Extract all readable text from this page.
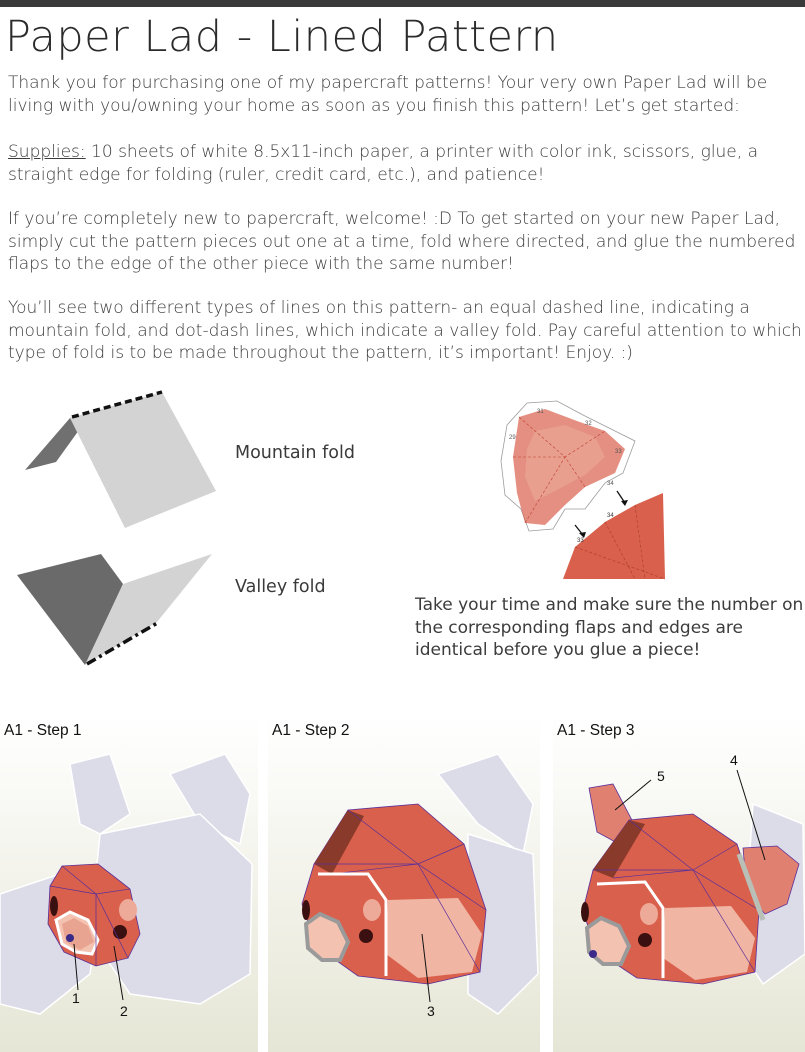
Paper Lad - Lined Pattern

Thank you for purchasing one of my papercraft patterns! Your very own Paper Lad will be living with you/owning your home as soon as you finish this pattern! Let’s get started:

Supplies: 10 sheets of white 8.5x11-inch paper, a printer with color ink, scissors, glue, a straight edge for folding (ruler, credit card, etc.), and patience!

If you’re completely new to papercraft, welcome! :D To get started on your new Paper Lad, simply cut the pattern pieces out one at a time, fold where directed, and glue the numbered flaps to the edge of the other piece with the same number!

You’ll see two different types of lines on this pattern- an equal dashed line, indicating a mountain fold, and dot-dash lines, which indicate a valley fold. Pay careful attention to which type of fold is to be made throughout the pattern, it’s important! Enjoy. :)

Mountain fold
Valley fold
31
32
33
34
29
34
33

Take your time and make sure the number on the corresponding flaps and edges are identical before you glue a piece!

A1 - Step 1
1
2
A1 - Step 2
3
A1 - Step 3
5
4
